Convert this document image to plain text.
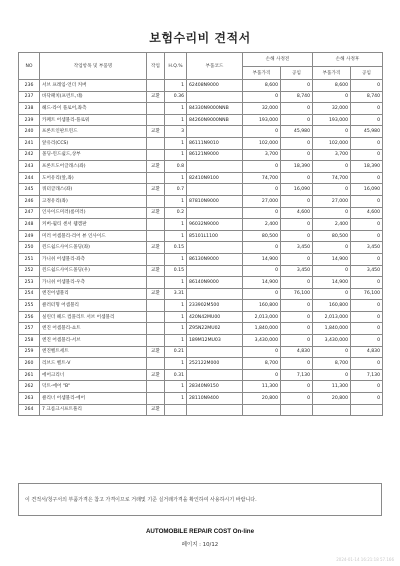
보험수리비 견적서
NO	작업항목 및 부품명	작업	H.Q.%	부품코드	손해 사정전		손해 사정후	
					부품가격	공임	부품가격	공임
236	서브 프레임-언더 커버		1	62408N9000	8,600	0	8,600	0
237	바닥패치(프런트,대)	교환	0.36		0	8,740	0	8,740
238	헤드-라이 플로어,좌측		1	84330N9000NNB	32,000	0	32,000	0
239	카페트 어셈블리-플로워		1	84260N9000NNB	193,000	0	193,000	0
240	프론트인판트윈드	교환	3		0	45,980	0	45,980
241	앞유리(CCS)		1	86111N9010	102,000	0	102,000	0
242	몰딩-윈드쉴드,상부		1	86121N9000	3,700	0	3,700	0
243	프론트도어글래스(좌)	교환	0.8		0	18,390	0	18,390
244	도어유리(앞,좌)		1	82410N9100	74,700	0	74,700	0
245	쿼터글래스(좌)	교환	0.7		0	16,090	0	16,090
246	고정유리(좌)		1	87810N9000	27,000	0	27,000	0
247	인사이드미러(룸미러)	교환	0.2		0	4,600	0	4,600
248	커버-윌티 센서 웹캠판		1	96032N9000	2,400	0	2,400	0
249	미러 어셈블리-리어 뷰 인사이드		1	85101L1100	80,500	0	80,500	0
250	윈드쉴드사이드몰딩(좌)	교환	0.15		0	3,450	0	3,450
251	가니쉬 어셈블리-좌측		1	86130N9000	14,900	0	14,900	0
252	윈드쉴드사이드몰딩(우)	교환	0.15		0	3,450	0	3,450
253	가니쉬 어셈블리-우측		1	86140N9000	14,900	0	14,900	0
254	엔진어셈블리	교환	3.31		0	76,100	0	76,100
255	클러터형 어셈블리		1	233902M500	160,800	0	160,800	0
256	실린더 헤드 컴플리트 서브 어셈블리		1	420N42MU00	2,013,000	0	2,013,000	0
257	엔진 어셈블리-쇼트		1	Z95N22MU02	1,840,000	0	1,840,000	0
258	엔진 어셈블리-서브		1	189M12MU03	3,430,000	0	3,430,000	0
259	엔진벨트세트	교환	0.21		0	4,830	0	4,830
260	리브드 벨트-V		1	252122M000	8,700	0	8,700	0
261	에어크리너	교환	0.31		0	7,130	0	7,130
262	덕트-에어 "B"		1	28340N9150	11,300	0	11,300	0
263	클리너 어셈블리-에어		1	28110N9400	20,800	0	20,800	0
264	7 크롬크시프트풀리	교환						
이 견적서/청구서의 부품가격은 참고 가격이므로 거래및 기준 실거래가격을 확인하여 사용하시기 바랍니다.
AUTOMOBILE REPAIR COST On-line
페이지 : 10/12
2024-01-14 16:21:18 57.166
